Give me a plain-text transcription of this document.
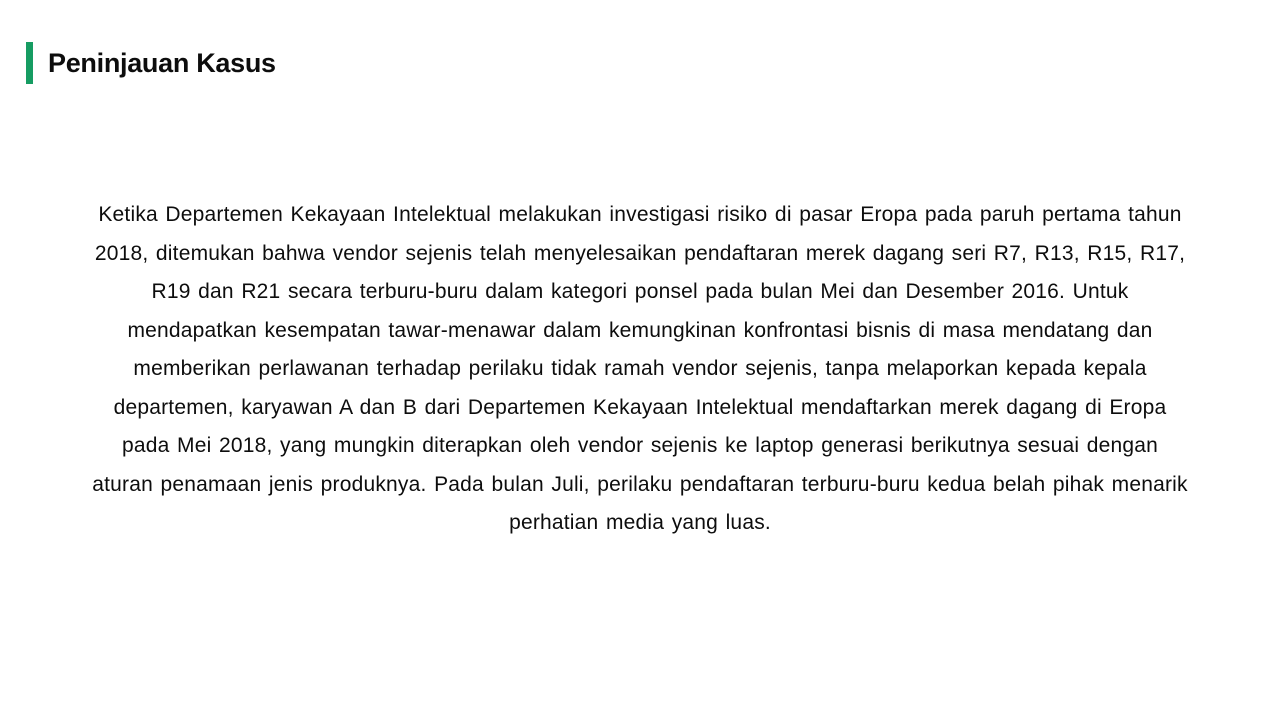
Peninjauan Kasus

Ketika Departemen Kekayaan Intelektual melakukan investigasi risiko di pasar Eropa pada paruh pertama tahun 2018, ditemukan bahwa vendor sejenis telah menyelesaikan pendaftaran merek dagang seri R7, R13, R15, R17, R19 dan R21 secara terburu-buru dalam kategori ponsel pada bulan Mei dan Desember 2016. Untuk mendapatkan kesempatan tawar-menawar dalam kemungkinan konfrontasi bisnis di masa mendatang dan memberikan perlawanan terhadap perilaku tidak ramah vendor sejenis, tanpa melaporkan kepada kepala departemen, karyawan A dan B dari Departemen Kekayaan Intelektual mendaftarkan merek dagang di Eropa pada Mei 2018, yang mungkin diterapkan oleh vendor sejenis ke laptop generasi berikutnya sesuai dengan aturan penamaan jenis produknya. Pada bulan Juli, perilaku pendaftaran terburu-buru kedua belah pihak menarik perhatian media yang luas.
